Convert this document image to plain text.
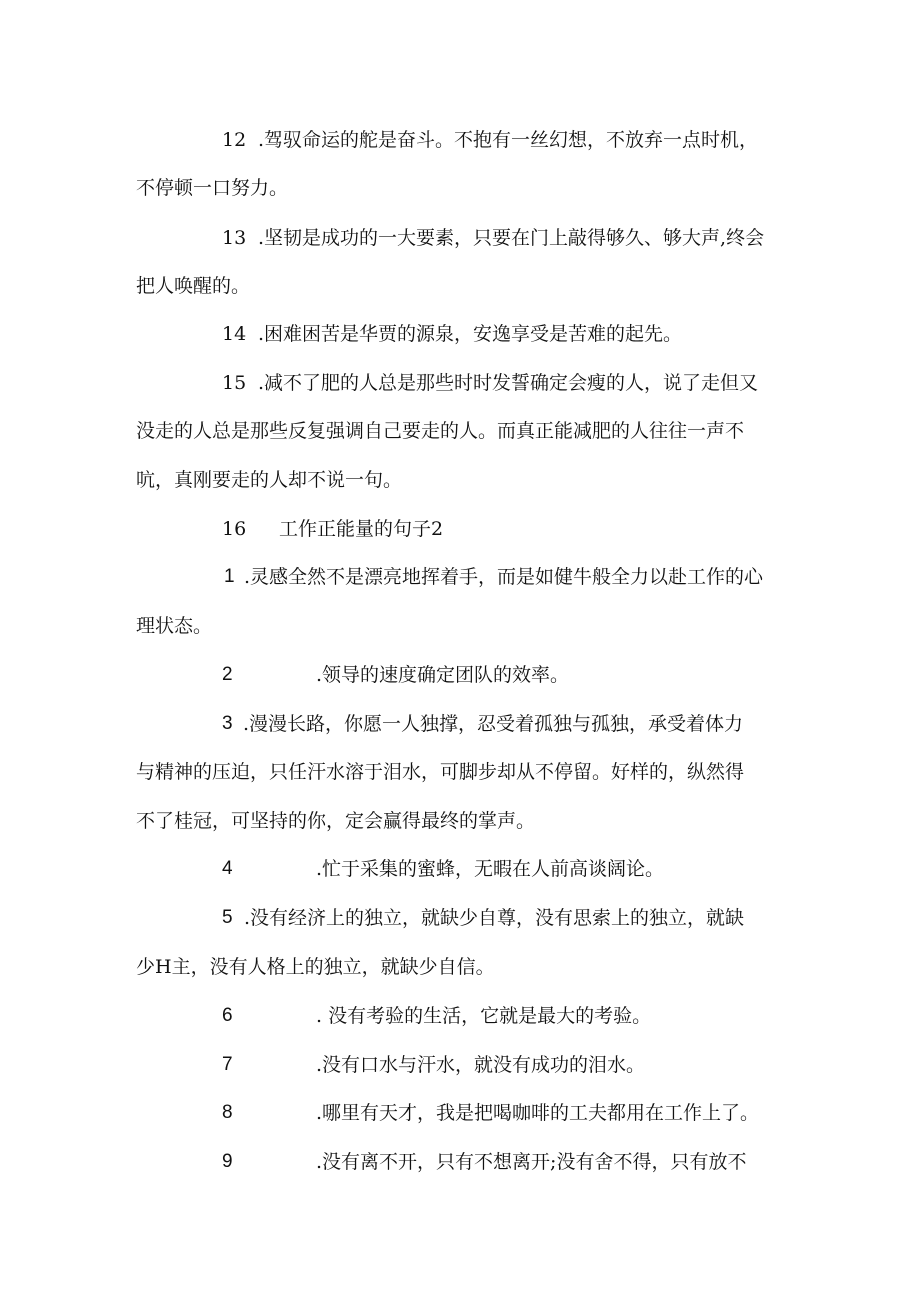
12 .驾驭命运的舵是奋斗。不抱有一丝幻想，不放弃一点时机，
不停顿一口努力。
13 .坚韧是成功的一大要素，只要在门上敲得够久、够大声,终会
把人唤醒的。
14 .困难困苦是华贾的源泉，安逸享受是苦难的起先。
15 .减不了肥的人总是那些时时发誓确定会瘦的人，说了走但又
没走的人总是那些反复强调自己要走的人。而真正能减肥的人往往一声不
吭，真刚要走的人却不说一句。
16 工作正能量的句子2
1 .灵感全然不是漂亮地挥着手，而是如健牛般全力以赴工作的心
理状态。
2	.领导的速度确定团队的效率。
3 .漫漫长路，你愿一人独撑，忍受着孤独与孤独，承受着体力
与精神的压迫，只任汗水溶于泪水，可脚步却从不停留。好样的，纵然得
不了桂冠，可坚持的你，定会赢得最终的掌声。
4	.忙于采集的蜜蜂，无暇在人前高谈阔论。
5 .没有经济上的独立，就缺少自尊，没有思索上的独立，就缺
少H主，没有人格上的独立，就缺少自信。
6	. 没有考验的生活，它就是最大的考验。
7	.没有口水与汗水，就没有成功的泪水。
8	.哪里有天才，我是把喝咖啡的工夫都用在工作上了。
9	.没有离不开，只有不想离开;没有舍不得，只有放不
